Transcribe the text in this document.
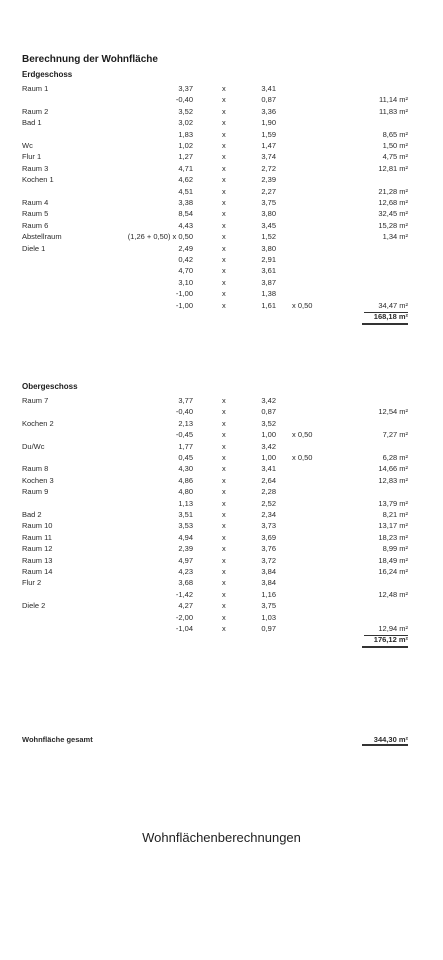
Berechnung der Wohnfläche
Erdgeschoss
Raum 1	3,37	x	3,41
-0,40	x	0,87	11,14 m²
Raum 2	3,52	x	3,36	11,83 m²
Bad 1	3,02	x	1,90
1,83	x	1,59	8,65 m²
Wc	1,02	x	1,47	1,50 m²
Flur 1	1,27	x	3,74	4,75 m²
Raum 3	4,71	x	2,72	12,81 m²
Kochen 1	4,62	x	2,39
4,51	x	2,27	21,28 m²
Raum 4	3,38	x	3,75	12,68 m²
Raum 5	8,54	x	3,80	32,45 m²
Raum 6	4,43	x	3,45	15,28 m²
Abstellraum	(1,26 + 0,50) x 0,50	x	1,52	1,34 m²
Diele 1	2,49	x	3,80
0,42	x	2,91
4,70	x	3,61
3,10	x	3,87
-1,00	x	1,38
-1,00	x	1,61 x 0,50	34,47 m²
168,18 m²
Obergeschoss
Raum 7	3,77	x	3,42
-0,40	x	0,87	12,54 m²
Kochen 2	2,13	x	3,52
-0,45	x	1,00 x 0,50	7,27 m²
Du/Wc	1,77	x	3,42
0,45	x	1,00 x 0,50	6,28 m²
Raum 8	4,30	x	3,41	14,66 m²
Kochen 3	4,86	x	2,64	12,83 m²
Raum 9	4,80	x	2,28
1,13	x	2,52	13,79 m²
Bad 2	3,51	x	2,34	8,21 m²
Raum 10	3,53	x	3,73	13,17 m²
Raum 11	4,94	x	3,69	18,23 m²
Raum 12	2,39	x	3,76	8,99 m²
Raum 13	4,97	x	3,72	18,49 m²
Raum 14	4,23	x	3,84	16,24 m²
Flur 2	3,68	x	3,84
-1,42	x	1,16	12,48 m²
Diele 2	4,27	x	3,75
-2,00	x	1,03
-1,04	x	0,97	12,94 m²
176,12 m²
Wohnfläche gesamt	344,30 m²
Wohnflächenberechnungen
